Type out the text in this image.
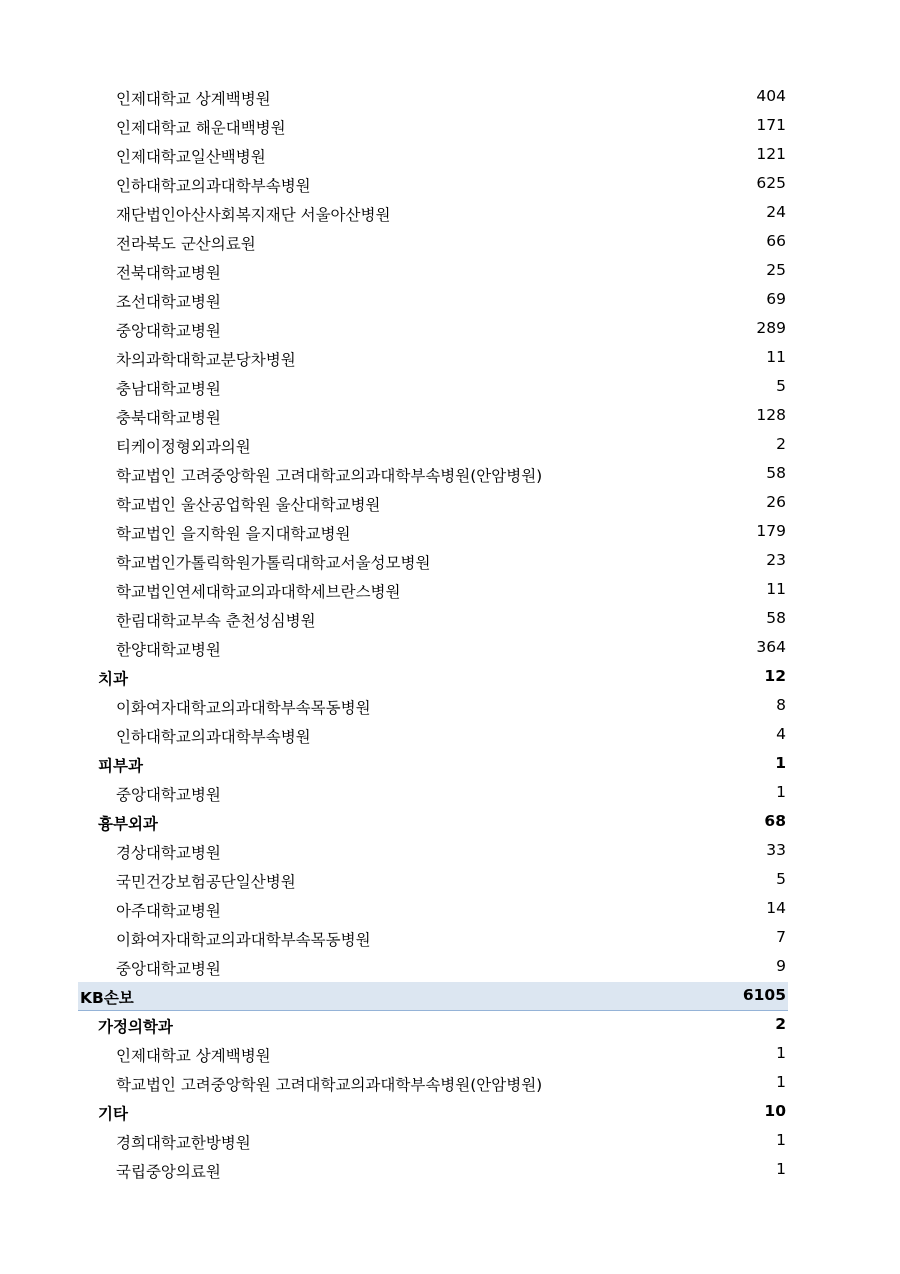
인제대학교 상계백병원	404
인제대학교 해운대백병원	171
인제대학교일산백병원	121
인하대학교의과대학부속병원	625
재단법인아산사회복지재단 서울아산병원	24
전라북도 군산의료원	66
전북대학교병원	25
조선대학교병원	69
중앙대학교병원	289
차의과학대학교분당차병원	11
충남대학교병원	5
충북대학교병원	128
티케이정형외과의원	2
학교법인 고려중앙학원 고려대학교의과대학부속병원(안암병원)	58
학교법인 울산공업학원 울산대학교병원	26
학교법인 을지학원 을지대학교병원	179
학교법인가톨릭학원가톨릭대학교서울성모병원	23
학교법인연세대학교의과대학세브란스병원	11
한림대학교부속 춘천성심병원	58
한양대학교병원	364
치과	12
이화여자대학교의과대학부속목동병원	8
인하대학교의과대학부속병원	4
피부과	1
중앙대학교병원	1
흉부외과	68
경상대학교병원	33
국민건강보험공단일산병원	5
아주대학교병원	14
이화여자대학교의과대학부속목동병원	7
중앙대학교병원	9
KB손보	6105
가정의학과	2
인제대학교 상계백병원	1
학교법인 고려중앙학원 고려대학교의과대학부속병원(안암병원)	1
기타	10
경희대학교한방병원	1
국립중앙의료원	1
